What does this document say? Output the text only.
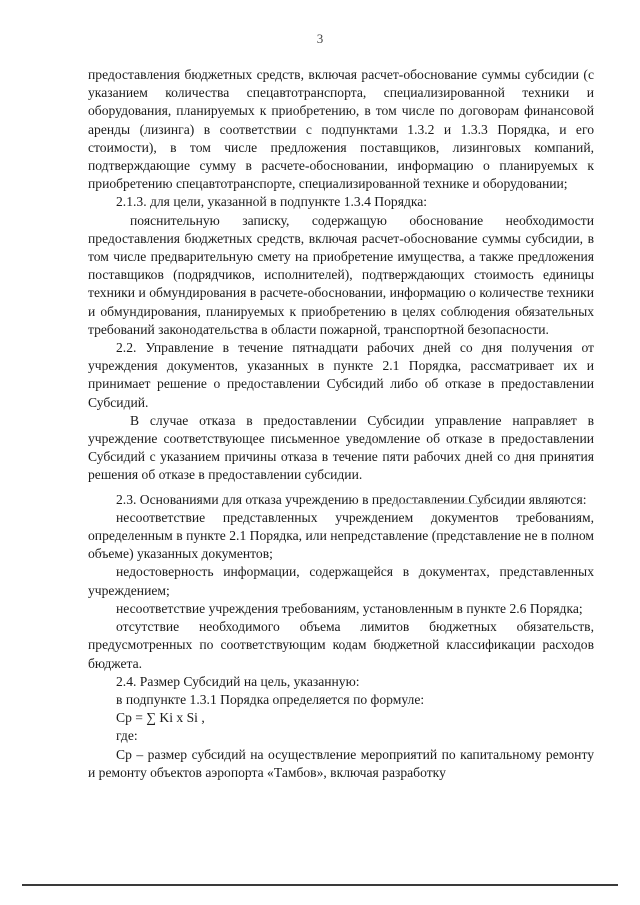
3

предоставления бюджетных средств, включая расчет-обоснование суммы субсидии (с указанием количества спецавтотранспорта, специализированной техники и оборудования, планируемых к приобретению, в том числе по договорам финансовой аренды (лизинга) в соответствии с подпунктами 1.3.2 и 1.3.3 Порядка, и его стоимости), в том числе предложения поставщиков, лизинговых компаний, подтверждающие сумму в расчете-обосновании, информацию о планируемых к приобретению спецавтотранспорте, специализированной технике и оборудовании;

2.1.3. для цели, указанной в подпункте 1.3.4 Порядка:

пояснительную записку, содержащую обоснование необходимости предоставления бюджетных средств, включая расчет-обоснование суммы субсидии, в том числе предварительную смету на приобретение имущества, а также предложения поставщиков (подрядчиков, исполнителей), подтверждающих стоимость единицы техники и обмундирования в расчете-обосновании, информацию о количестве техники и обмундирования, планируемых к приобретению в целях соблюдения обязательных требований законодательства в области пожарной, транспортной безопасности.

2.2. Управление в течение пятнадцати рабочих дней со дня получения от учреждения документов, указанных в пункте 2.1 Порядка, рассматривает их и принимает решение о предоставлении Субсидий либо об отказе в предоставлении Субсидий.

В случае отказа в предоставлении Субсидии управление направляет в учреждение соответствующее письменное уведомление об отказе в предоставлении Субсидий с указанием причины отказа в течение пяти рабочих дней со дня принятия решения об отказе в предоставлении субсидии.

2.3. Основаниями для отказа учреждению в предоставлении Субсидии являются:

несоответствие представленных учреждением документов требованиям, определенным в пункте 2.1 Порядка, или непредставление (представление не в полном объеме) указанных документов;

недостоверность информации, содержащейся в документах, представленных учреждением;

несоответствие учреждения требованиям, установленным в пункте 2.6 Порядка;

отсутствие необходимого объема лимитов бюджетных обязательств, предусмотренных по соответствующим кодам бюджетной классификации расходов бюджета.

2.4. Размер Субсидий на цель, указанную:

в подпункте 1.3.1 Порядка определяется по формуле:

Cр = ∑ Ki x Si ,

где:

Cр – размер субсидий на осуществление мероприятий по капитальному ремонту и ремонту объектов аэропорта «Тамбов», включая разработку
